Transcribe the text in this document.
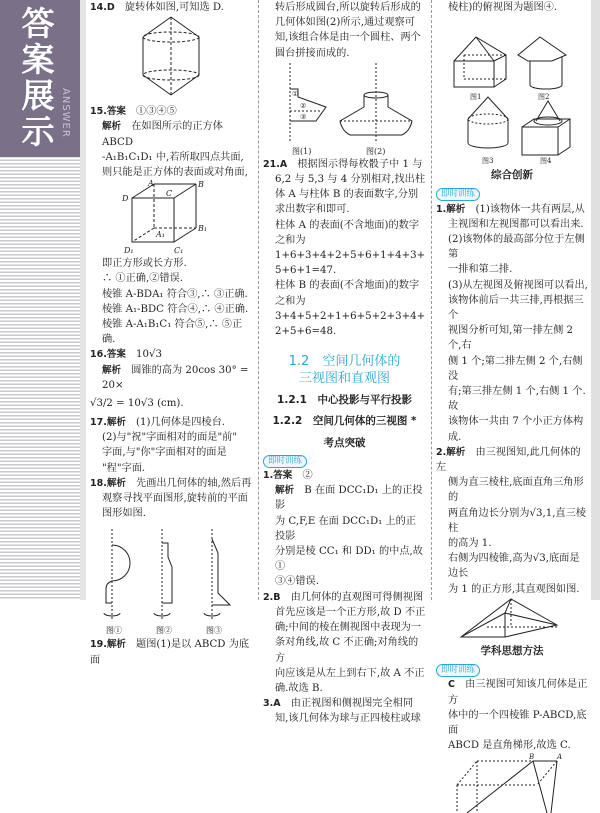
答案展示 ANSWER
14.D　 旋转体如图,可知选 D.
15.答案　 ①③④⑤
解析　 在如图所示的正方体 ABCD
-A₁B₁C₁D₁ 中,若所取四点共面,
则只能是正方体的表面或对角面,
A	B
C
D
A₁
B₁
C₁
D₁
即正方形或长方形.
∴ ①正确,②错误.
棱锥 A-BDA₁ 符合③,∴ ③正确.
棱锥 A₁-BDC 符合④,∴ ④正确.
棱锥 A-A₁B₁C₁ 符合⑤,∴ ⑤正确.
16.答案　 10√3
解析　 圆锥的高为 20cos 30° = 20×
√3/2 = 10√3 (cm).
17.解析　 (1)几何体是四棱台.
(2)与"祝"字面相对的面是"前"
字面,与"你"字面相对的面是
"程"字面.
18.解析　 先画出几何体的轴,然后再
观察寻找平面图形,旋转前的平面
图形如图.
图①	图②	图③
19.解析　 题图(1)是以 ABCD 为底面
转后形成圆台,所以旋转后形成的
几何体如图(2)所示,通过观察可
知,该组合体是由一个圆柱、两个
圆台拼接而成的.
①
②
③
图(1)	图(2)
21.A　 根据图示得每枚骰子中 1 与
6,2 与 5,3 与 4 分别相对,找出柱
体 A 与柱体 B 的表面数字,分别
求出数字和即可.
柱体 A 的表面(不含地面)的数字
之和为 1+6+3+4+2+5+6+1+4+3+
5+6+1=47.
柱体 B 的表面(不含地面)的数字
之和为 3+4+5+2+1+6+5+2+3+4+
2+5+6=48.
1.2　空间几何体的
三视图和直观图
1.2.1　中心投影与平行投影
1.2.2　空间几何体的三视图 *
考点突破
即时训练
1.答案　 ②
解析　 B 在面 DCC₁D₁ 上的正投影
为 C,F,E 在面 DCC₁D₁ 上的正投影
分别是棱 CC₁ 和 DD₁ 的中点,故①
③④错误.
2.B　 由几何体的直观图可得侧视图
首先应该是一个正方形,故 D 不正
确;中间的棱在侧视图中表现为一
条对角线,故 C 不正确;对角线的方
向应该是从左上到右下,故 A 不正
确.故选 B.
3.A　 由正视图和侧视图完全相同
知,该几何体为球与正四棱柱或球
棱柱)的俯视图为题图④.
图1	图2
图3	图4
综合创新
即时训练
1.解析　 (1)该物体一共有两层,从
主视图和左视图都可以看出来.
(2)该物体的最高部分位于左侧第
一排和第二排.
(3)从左视图及俯视图可以看出,
该物体前后一共三排,再根据三个
视图分析可知,第一排左侧 2 个,右
侧 1 个;第二排左侧 2 个,右侧没
有;第三排左侧 1 个,右侧 1 个.故
该物体一共由 7 个小正方体构成.
2.解析　 由三视图知,此几何体的左
侧为直三棱柱,底面直角三角形的
两直角边长分别为√3,1,直三棱柱
的高为 1.
右侧为四棱锥,高为√3,底面是边长
为 1 的正方形,其直观图如图.
学科思想方法
即时训练
C　 由三视图可知该几何体是正方
体中的一个四棱锥 P-ABCD,底面
ABCD 是直角梯形,故选 C.
B	A
